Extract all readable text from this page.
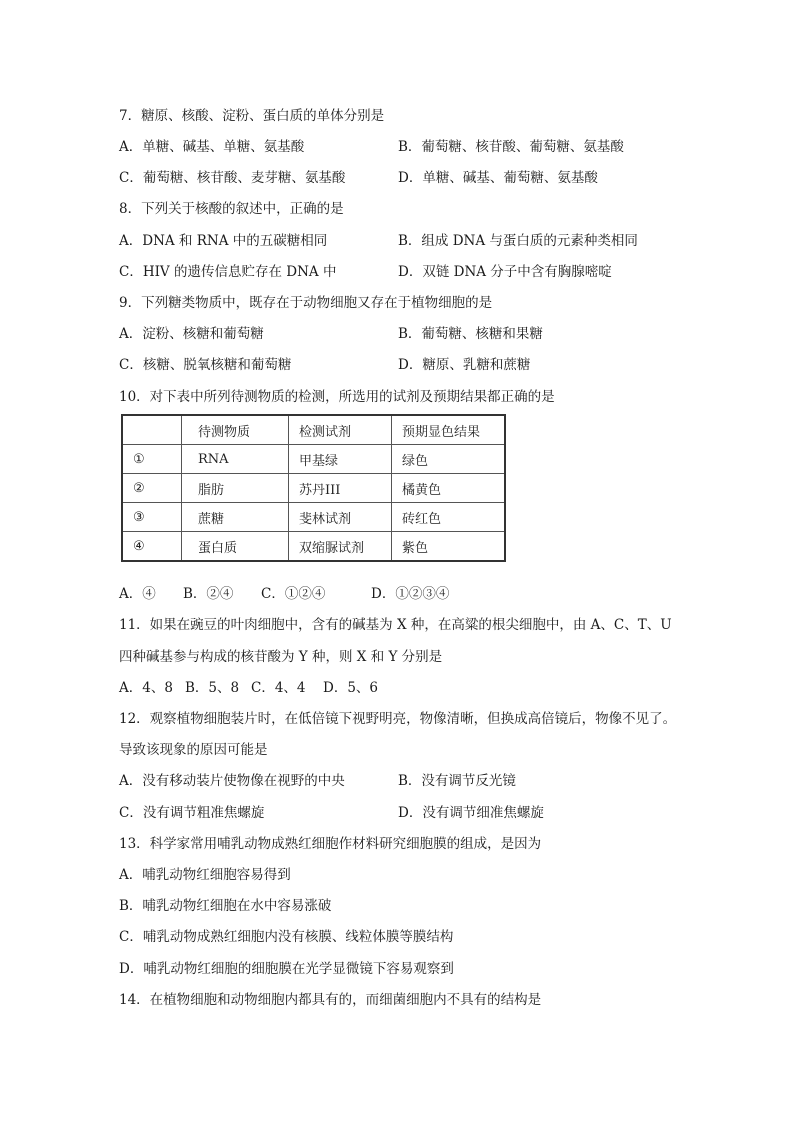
7．糖原、核酸、淀粉、蛋白质的单体分别是
A．单糖、碱基、单糖、氨基酸	B．葡萄糖、核苷酸、葡萄糖、氨基酸
C．葡萄糖、核苷酸、麦芽糖、氨基酸	D．单糖、碱基、葡萄糖、氨基酸
8．下列关于核酸的叙述中，正确的是
A．DNA 和 RNA 中的五碳糖相同	B．组成 DNA 与蛋白质的元素种类相同
C．HIV 的遗传信息贮存在 DNA 中	D．双链 DNA 分子中含有胸腺嘧啶
9．下列糖类物质中，既存在于动物细胞又存在于植物细胞的是
A．淀粉、核糖和葡萄糖	B．葡萄糖、核糖和果糖
C．核糖、脱氧核糖和葡萄糖	D．糖原、乳糖和蔗糖
10．对下表中所列待测物质的检测，所选用的试剂及预期结果都正确的是
	待测物质	检测试剂	预期显色结果
①	RNA	甲基绿	绿色
②	脂肪	苏丹III	橘黄色
③	蔗糖	斐林试剂	砖红色
④	蛋白质	双缩脲试剂	紫色
A．④ B．②④ C．①②④	D．①②③④
11．如果在豌豆的叶肉细胞中，含有的碱基为 X 种，在高粱的根尖细胞中，由 A、C、T、U
四种碱基参与构成的核苷酸为 Y 种，则 X 和 Y 分别是
A．4、8 B．5、8 C．4、4 D．5、6
12．观察植物细胞装片时，在低倍镜下视野明亮，物像清晰，但换成高倍镜后，物像不见了。
导致该现象的原因可能是
A．没有移动装片使物像在视野的中央	B．没有调节反光镜
C．没有调节粗准焦螺旋	D．没有调节细准焦螺旋
13．科学家常用哺乳动物成熟红细胞作材料研究细胞膜的组成，是因为
A．哺乳动物红细胞容易得到
B．哺乳动物红细胞在水中容易涨破
C．哺乳动物成熟红细胞内没有核膜、线粒体膜等膜结构
D．哺乳动物红细胞的细胞膜在光学显微镜下容易观察到
14．在植物细胞和动物细胞内都具有的，而细菌细胞内不具有的结构是
